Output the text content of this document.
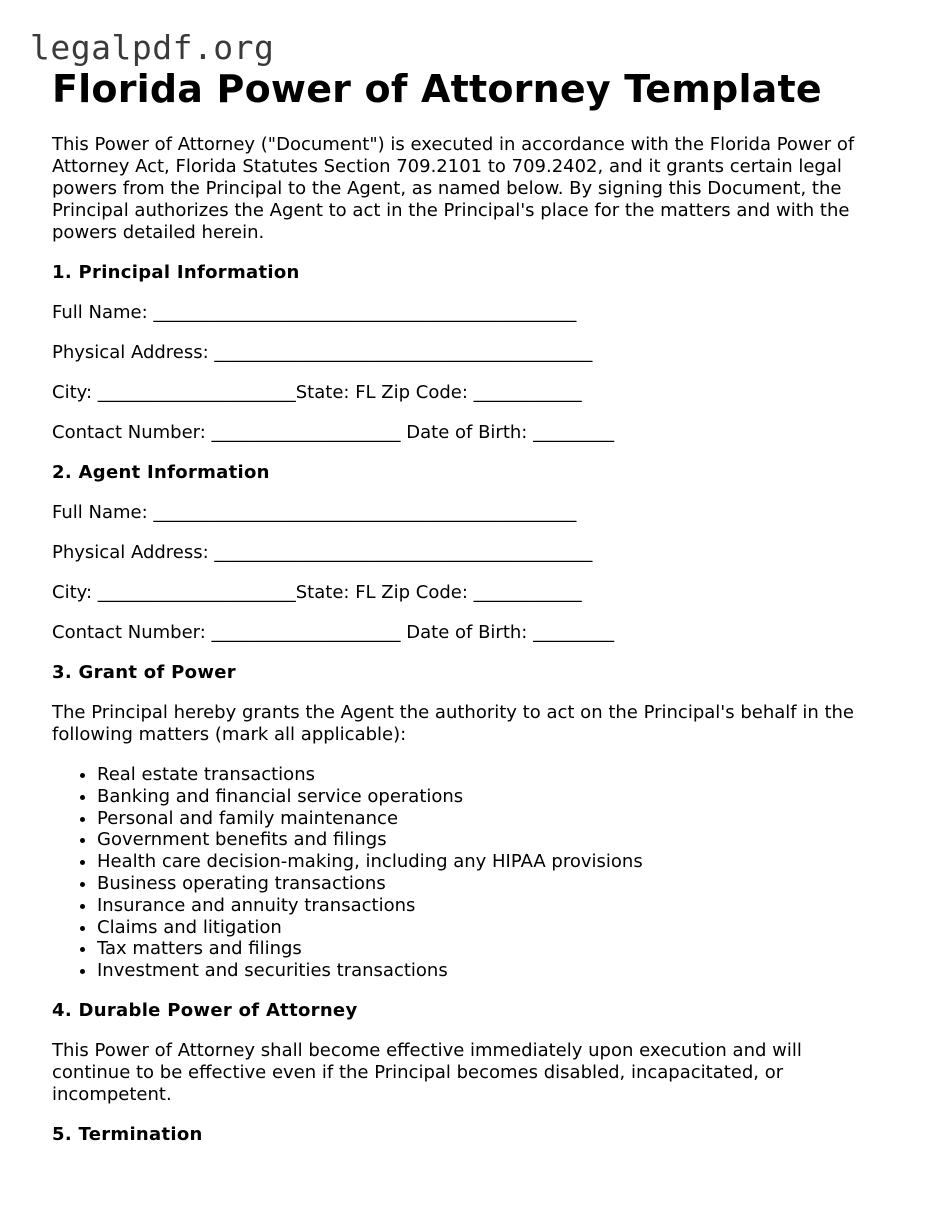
legalpdf.org
Florida Power of Attorney Template

This Power of Attorney ("Document") is executed in accordance with the Florida Power of Attorney Act, Florida Statutes Section 709.2101 to 709.2402, and it grants certain legal powers from the Principal to the Agent, as named below. By signing this Document, the Principal authorizes the Agent to act in the Principal's place for the matters and with the powers detailed herein.

1. Principal Information
Full Name: _______________________________________________
Physical Address: __________________________________________
City: ______________________State: FL Zip Code: ____________
Contact Number: _____________________ Date of Birth: _________
2. Agent Information
Full Name: _______________________________________________
Physical Address: __________________________________________
City: ______________________State: FL Zip Code: ____________
Contact Number: _____________________ Date of Birth: _________
3. Grant of Power

The Principal hereby grants the Agent the authority to act on the Principal's behalf in the following matters (mark all applicable):

• Real estate transactions
• Banking and financial service operations
• Personal and family maintenance
• Government benefits and filings
• Health care decision-making, including any HIPAA provisions
• Business operating transactions
• Insurance and annuity transactions
• Claims and litigation
• Tax matters and filings
• Investment and securities transactions
4. Durable Power of Attorney

This Power of Attorney shall become effective immediately upon execution and will continue to be effective even if the Principal becomes disabled, incapacitated, or incompetent.

5. Termination
